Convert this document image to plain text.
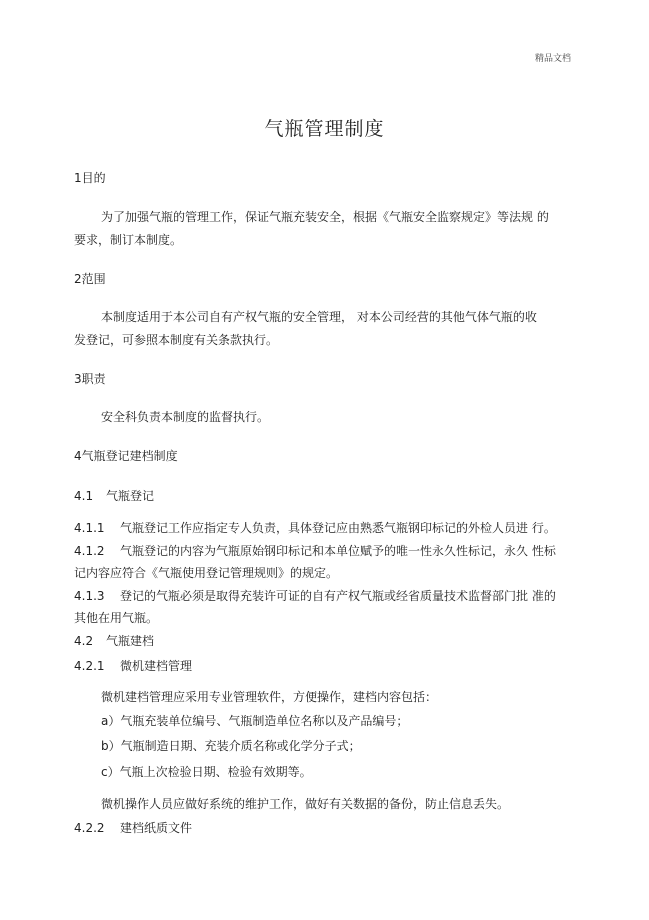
精品文档
气瓶管理制度
1目的
为了加强气瓶的管理工作，保证气瓶充装安全，根据《气瓶安全监察规定》等法规 的
要求，制订本制度。
2范围
本制度适用于本公司自有产权气瓶的安全管理， 对本公司经营的其他气体气瓶的收
发登记，可参照本制度有关条款执行。
3职责
安全科负责本制度的监督执行。
4气瓶登记建档制度
4.1 气瓶登记
4.1.1 气瓶登记工作应指定专人负责，具体登记应由熟悉气瓶钢印标记的外检人员进 行。
4.1.2 气瓶登记的内容为气瓶原始钢印标记和本单位赋予的唯一性永久性标记，永久 性标
记内容应符合《气瓶使用登记管理规则》的规定。
4.1.3 登记的气瓶必须是取得充装许可证的自有产权气瓶或经省质量技术监督部门批 准的
其他在用气瓶。
4.2 气瓶建档
4.2.1 微机建档管理
微机建档管理应采用专业管理软件，方便操作，建档内容包括：
a）气瓶充装单位编号、气瓶制造单位名称以及产品编号；
b）气瓶制造日期、充装介质名称或化学分子式；
c）气瓶上次检验日期、检验有效期等。
微机操作人员应做好系统的维护工作，做好有关数据的备份，防止信息丢失。
4.2.2 建档纸质文件
